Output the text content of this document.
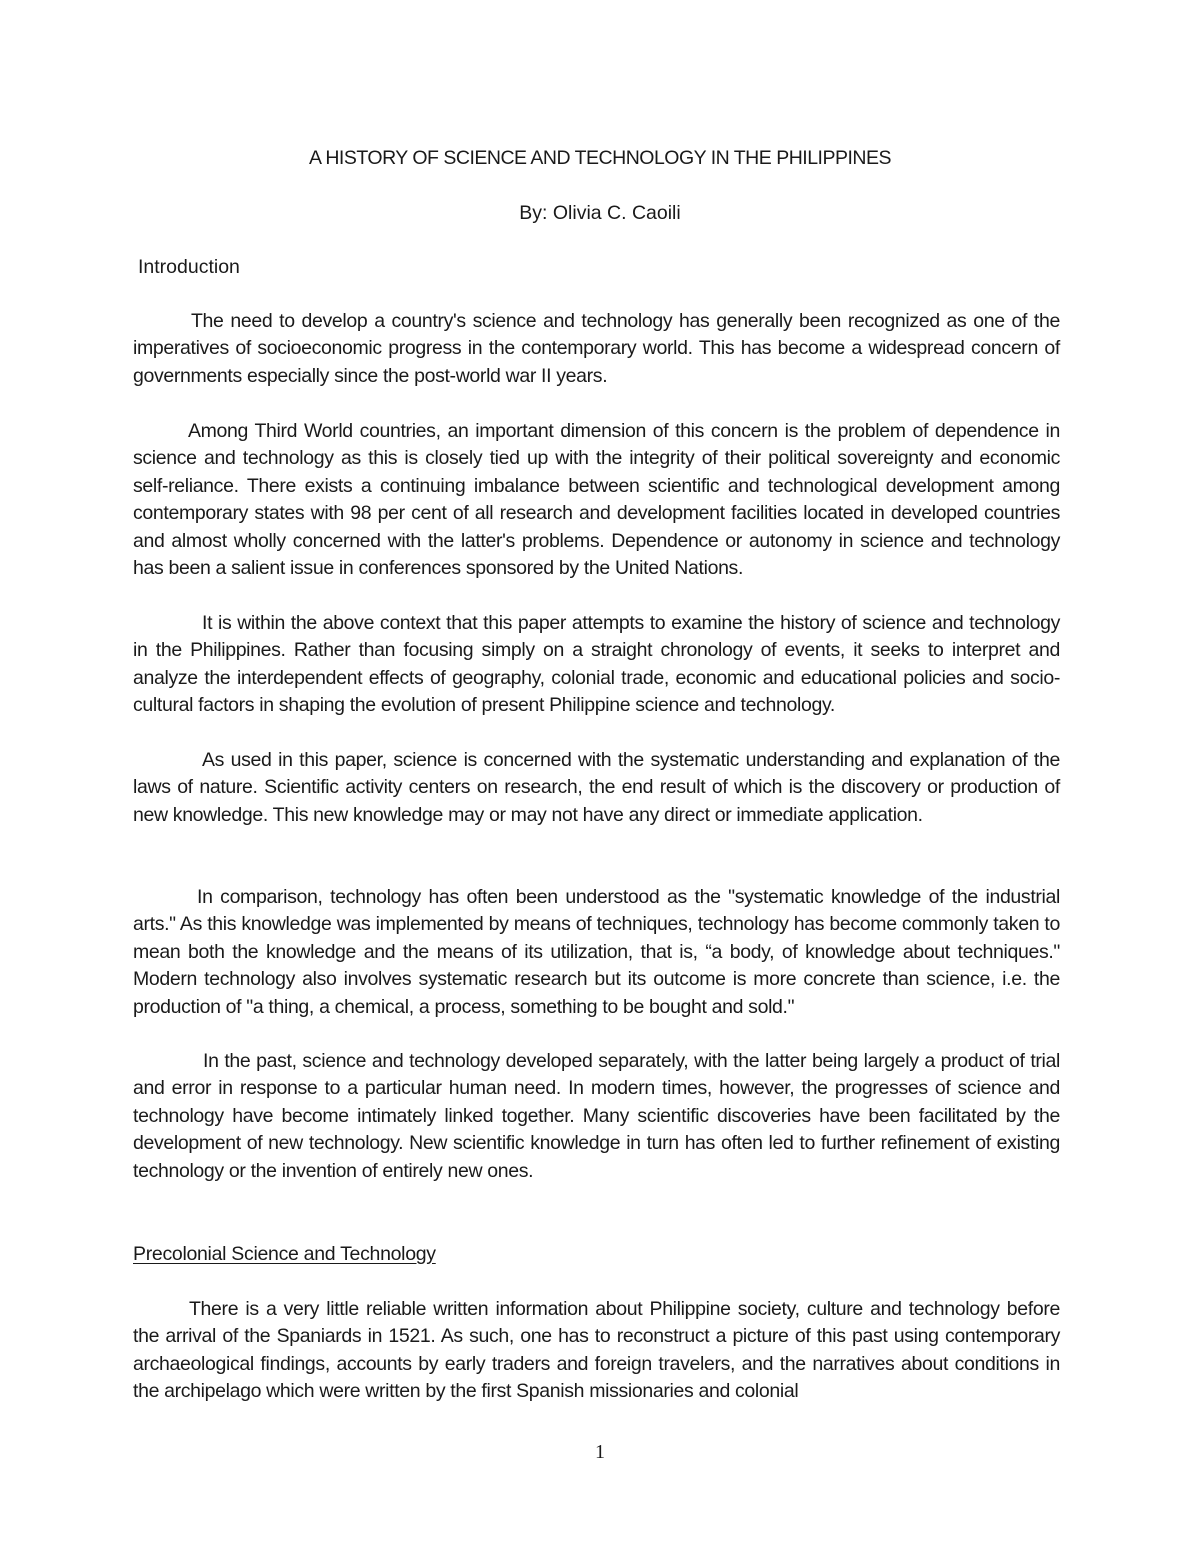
A HISTORY OF SCIENCE AND TECHNOLOGY IN THE PHILIPPINES
By: Olivia C. Caoili
Introduction

The need to develop a country's science and technology has generally been recognized as one of the imperatives of socioeconomic progress in the contemporary world. This has become a widespread concern of governments especially since the post-world war II years.

Among Third World countries, an important dimension of this concern is the problem of dependence in science and technology as this is closely tied up with the integrity of their political sovereignty and economic self-reliance. There exists a continuing imbalance between scientific and technological development among contemporary states with 98 per cent of all research and development facilities located in developed countries and almost wholly concerned with the latter's problems. Dependence or autonomy in science and technology has been a salient issue in conferences sponsored by the United Nations.

It is within the above context that this paper attempts to examine the history of science and technology in the Philippines. Rather than focusing simply on a straight chronology of events, it seeks to interpret and analyze the interdependent effects of geography, colonial trade, economic and educational policies and socio-cultural factors in shaping the evolution of present Philippine science and technology.

As used in this paper, science is concerned with the systematic understanding and explanation of the laws of nature. Scientific activity centers on research, the end result of which is the discovery or production of new knowledge. This new knowledge may or may not have any direct or immediate application.

In comparison, technology has often been understood as the "systematic knowledge of the industrial arts." As this knowledge was implemented by means of techniques, technology has become commonly taken to mean both the knowledge and the means of its utilization, that is, “a body, of knowledge about techniques." Modern technology also involves systematic research but its outcome is more concrete than science, i.e. the production of "a thing, a chemical, a process, something to be bought and sold."

In the past, science and technology developed separately, with the latter being largely a product of trial and error in response to a particular human need. In modern times, however, the progresses of science and technology have become intimately linked together. Many scientific discoveries have been facilitated by the development of new technology. New scientific knowledge in turn has often led to further refinement of existing technology or the invention of entirely new ones.

Precolonial Science and Technology

There is a very little reliable written information about Philippine society, culture and technology before the arrival of the Spaniards in 1521. As such, one has to reconstruct a picture of this past using contemporary archaeological findings, accounts by early traders and foreign travelers, and the narratives about conditions in the archipelago which were written by the first Spanish missionaries and colonial

1
